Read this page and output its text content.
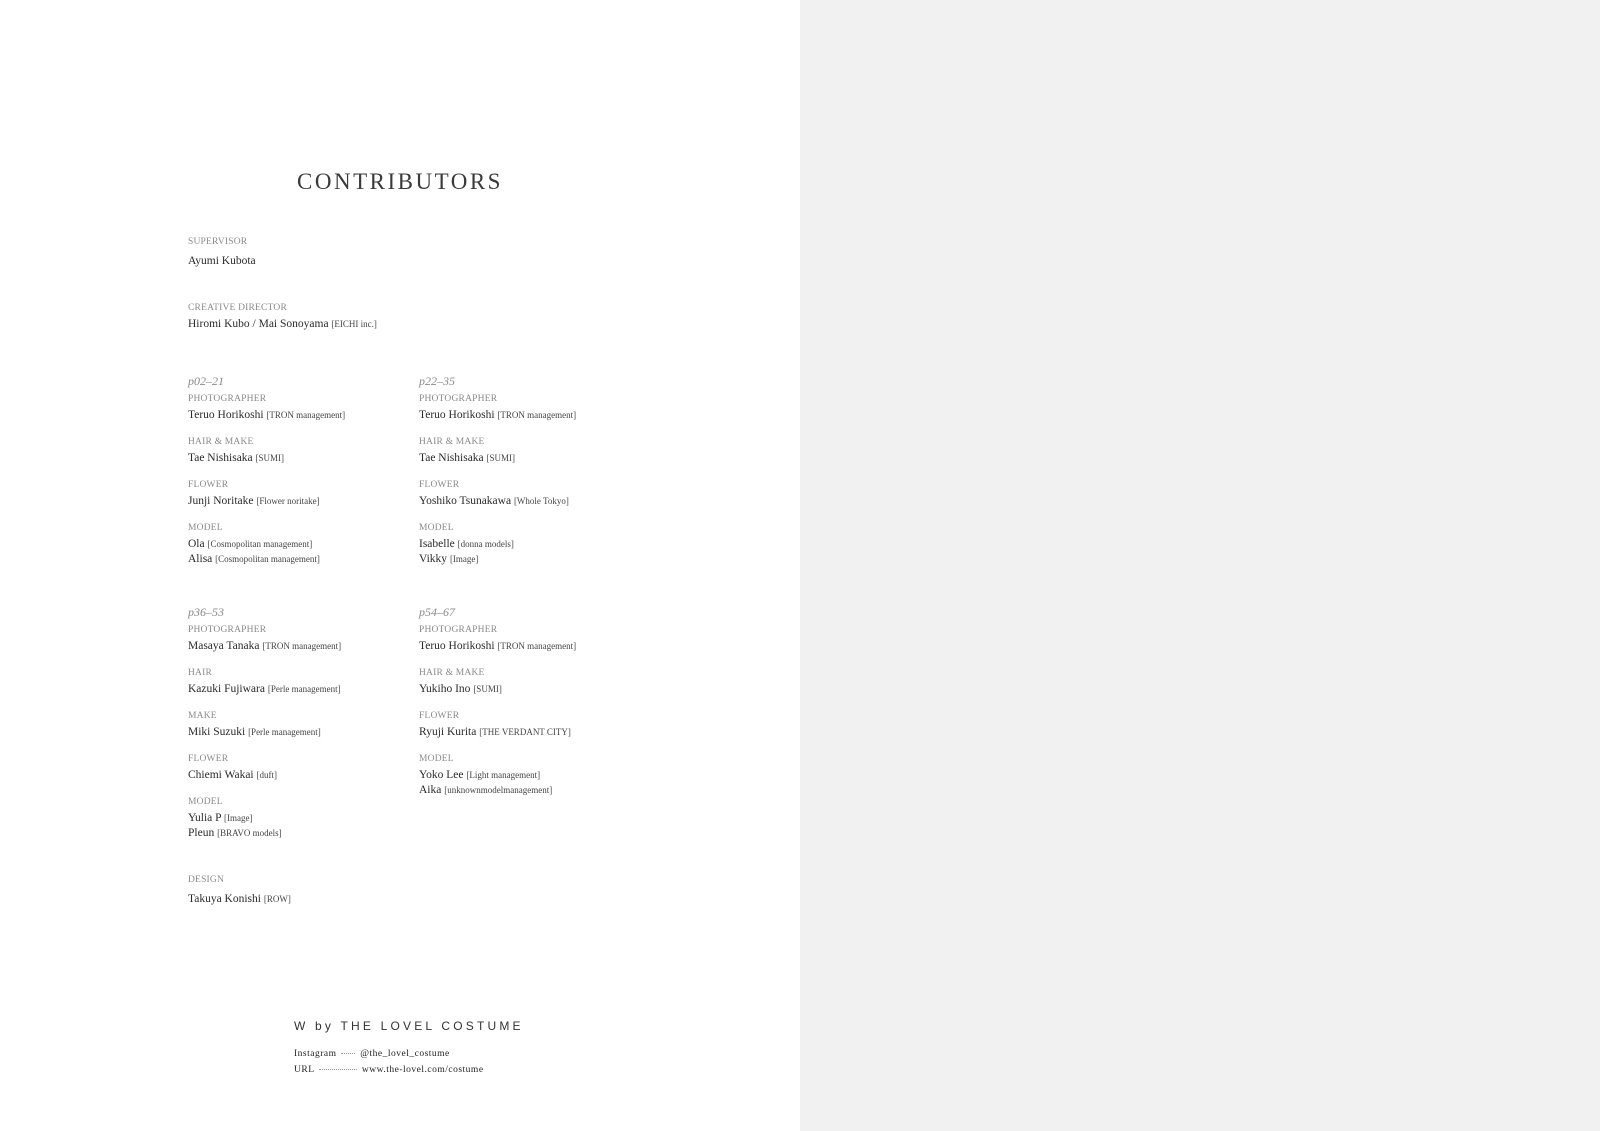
CONTRIBUTORS
SUPERVISOR
Ayumi Kubota
CREATIVE DIRECTOR
Hiromi Kubo / Mai Sonoyama [EICHI inc.]
p02–21
PHOTOGRAPHER
Teruo Horikoshi [TRON management]
HAIR & MAKE
Tae Nishisaka [SUMI]
FLOWER
Junji Noritake [Flower noritake]
MODEL
Ola [Cosmopolitan management]
Alisa [Cosmopolitan management]
p22–35
PHOTOGRAPHER
Teruo Horikoshi [TRON management]
HAIR & MAKE
Tae Nishisaka [SUMI]
FLOWER
Yoshiko Tsunakawa [Whole Tokyo]
MODEL
Isabelle [donna models]
Vikky [Image]
p36–53
PHOTOGRAPHER
Masaya Tanaka [TRON management]
HAIR
Kazuki Fujiwara [Perle management]
MAKE
Miki Suzuki [Perle management]
FLOWER
Chiemi Wakai [duft]
MODEL
Yulia P [Image]
Pleun [BRAVO models]
p54–67
PHOTOGRAPHER
Teruo Horikoshi [TRON management]
HAIR & MAKE
Yukiho Ino [SUMI]
FLOWER
Ryuji Kurita [THE VERDANT CITY]
MODEL
Yoko Lee [Light management]
Aika [unknownmodelmanagement]
DESIGN
Takuya Konishi [ROW]
W by THE LOVEL COSTUME
Instagram	@the_lovel_costume
URL	www.the-lovel.com/costume
